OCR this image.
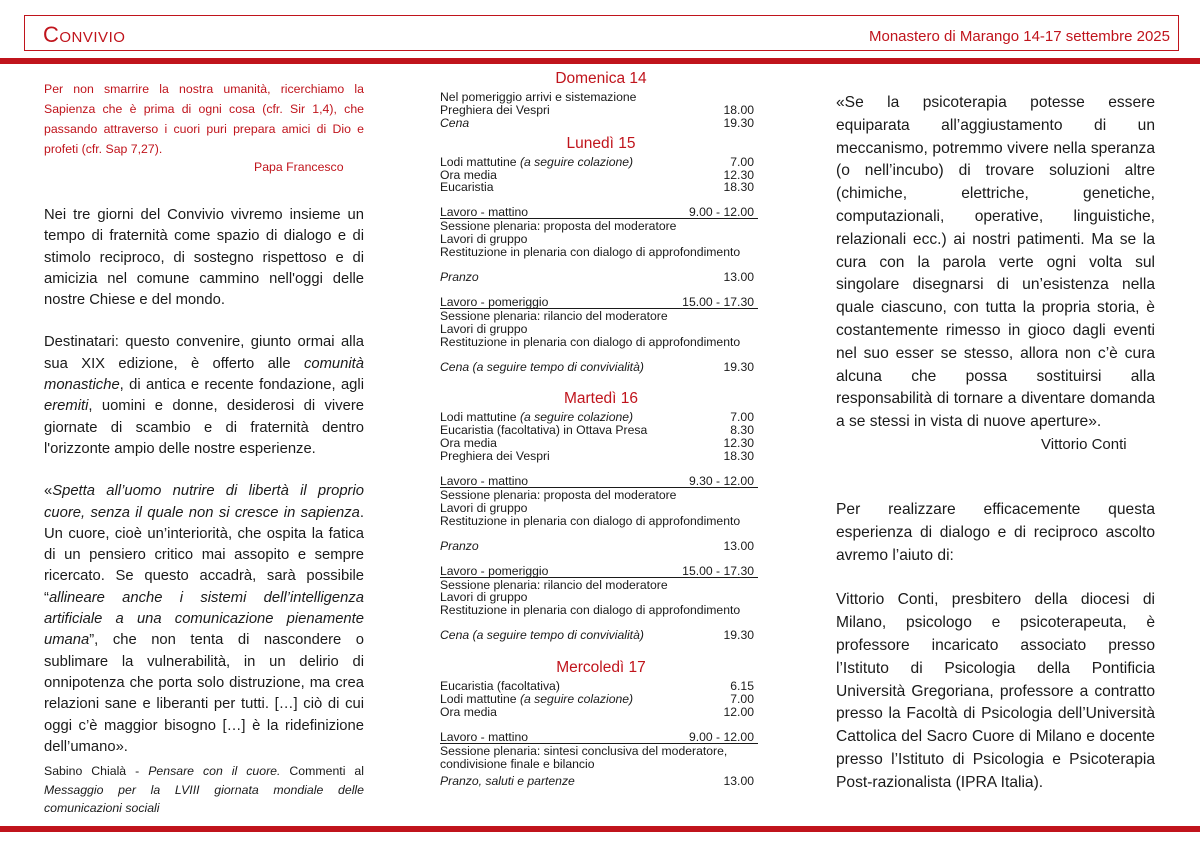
Convivio	Monastero di Marango 14-17 settembre 2025

Per non smarrire la nostra umanità, ricerchiamo la Sapienza che è prima di ogni cosa (cfr. Sir 1,4), che passando attraverso i cuori puri prepara amici di Dio e profeti (cfr. Sap 7,27).

Papa Francesco

Nei tre giorni del Convivio vivremo insieme un tempo di fraternità come spazio di dialogo e di stimolo reciproco, di sostegno rispettoso e di amicizia nel comune cammino nell'oggi delle nostre Chiese e del mondo.

Destinatari: questo convenire, giunto ormai alla sua XIX edizione, è offerto alle comunità monastiche, di antica e recente fondazione, agli eremiti, uomini e donne, desiderosi di vivere giornate di scambio e di fraternità dentro l'orizzonte ampio delle nostre esperienze.

«Spetta all’uomo nutrire di libertà il proprio cuore, senza il quale non si cresce in sapienza. Un cuore, cioè un’interiorità, che ospita la fatica di un pensiero critico mai assopito e sempre ricercato. Se questo accadrà, sarà possibile “allineare anche i sistemi dell’intelligenza artificiale a una comunicazione pienamente umana”, che non tenta di nascondere o sublimare la vulnerabilità, in un delirio di onnipotenza che porta solo distruzione, ma crea relazioni sane e liberanti per tutti. […] ciò di cui oggi c’è maggior bisogno […] è la ridefinizione dell’umano».

Sabino Chialà - Pensare con il cuore. Commenti al Messaggio per la LVIII giornata mondiale delle comunicazioni sociali

Domenica 14
Nel pomeriggio arrivi e sistemazione
Preghiera dei Vespri	18.00
Cena	19.30
Lunedì 15
Lodi mattutine (a seguire colazione)	7.00
Ora media	12.30
Eucaristia	18.30
Lavoro - mattino	9.00 - 12.00
Sessione plenaria: proposta del moderatore
Lavori di gruppo
Restituzione in plenaria con dialogo di approfondimento
Pranzo	13.00
Lavoro - pomeriggio	15.00 - 17.30
Sessione plenaria: rilancio del moderatore
Lavori di gruppo
Restituzione in plenaria con dialogo di approfondimento
Cena (a seguire tempo di convivialità)	19.30
Martedì 16
Lodi mattutine (a seguire colazione)	7.00
Eucaristia (facoltativa) in Ottava Presa	8.30
Ora media	12.30
Preghiera dei Vespri	18.30
Lavoro - mattino	9.30 - 12.00
Sessione plenaria: proposta del moderatore
Lavori di gruppo
Restituzione in plenaria con dialogo di approfondimento
Pranzo	13.00
Lavoro - pomeriggio	15.00 - 17.30
Sessione plenaria: rilancio del moderatore
Lavori di gruppo
Restituzione in plenaria con dialogo di approfondimento
Cena (a seguire tempo di convivialità)	19.30
Mercoledì 17
Eucaristia (facoltativa)	6.15
Lodi mattutine (a seguire colazione)	7.00
Ora media	12.00
Lavoro - mattino	9.00 - 12.00
Sessione plenaria: sintesi conclusiva del moderatore,
condivisione finale e bilancio
Pranzo, saluti e partenze	13.00

«Se la psicoterapia potesse essere equiparata all’aggiustamento di un meccanismo, potremmo vivere nella speranza (o nell’incubo) di trovare soluzioni altre (chimiche, elettriche, genetiche, computazionali, operative, linguistiche, relazionali ecc.) ai nostri patimenti. Ma se la cura con la parola verte ogni volta sul singolare disegnarsi di un’esistenza nella quale ciascuno, con tutta la propria storia, è costantemente rimesso in gioco dagli eventi nel suo esser se stesso, allora non c’è cura alcuna che possa sostituirsi alla responsabilità di tornare a diventare domanda a se stessi in vista di nuove aperture».

Vittorio Conti

Per realizzare efficacemente questa esperienza di dialogo e di reciproco ascolto avremo l’aiuto di:

Vittorio Conti, presbitero della diocesi di Milano, psicologo e psicoterapeuta, è professore incaricato associato presso l’Istituto di Psicologia della Pontificia Università Gregoriana, professore a contratto presso la Facoltà di Psicologia dell’Università Cattolica del Sacro Cuore di Milano e docente presso l’Istituto di Psicologia e Psicoterapia Post-razionalista (IPRA Italia).
